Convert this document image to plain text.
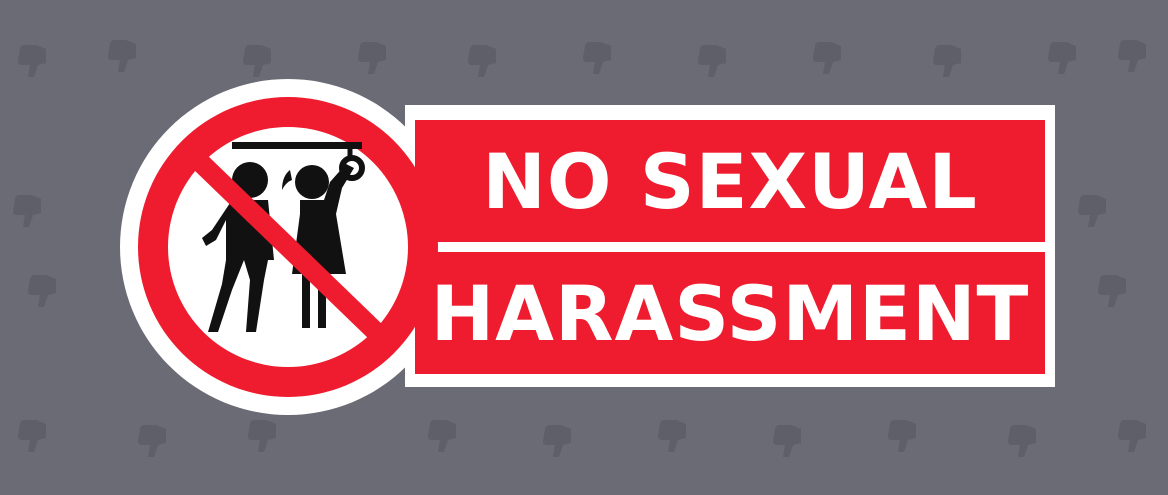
NO SEXUAL
HARASSMENT
